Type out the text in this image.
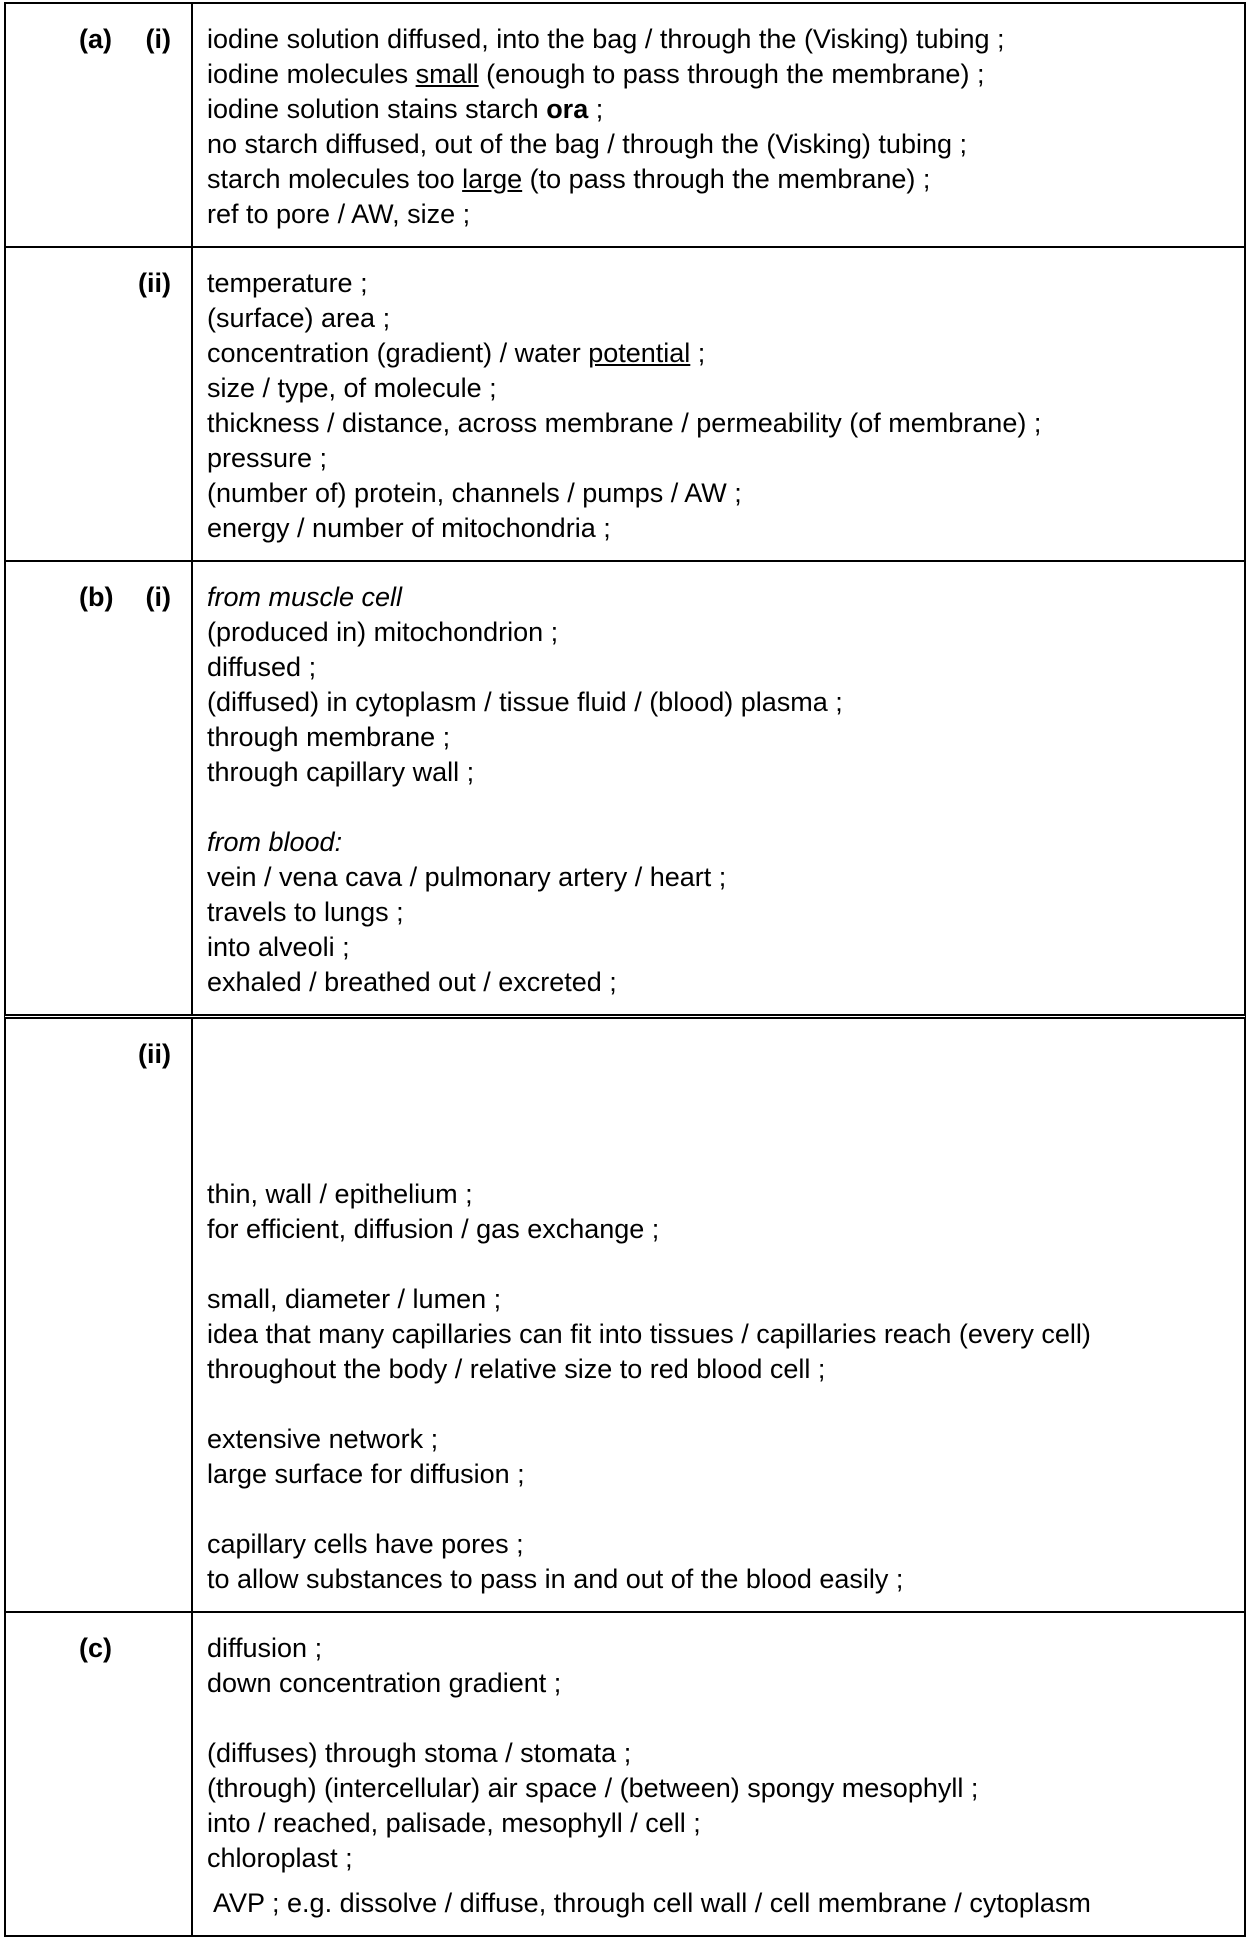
(a) (i) iodine solution diffused, into the bag / through the (Visking) tubing ;
iodine molecules small (enough to pass through the membrane) ;
iodine solution stains starch ora ;
no starch diffused, out of the bag / through the (Visking) tubing ;
starch molecules too large (to pass through the membrane) ;
ref to pore / AW, size ;
(ii) temperature ;
(surface) area ;
concentration (gradient) / water potential ;
size / type, of molecule ;
thickness / distance, across membrane / permeability (of membrane) ;
pressure ;
(number of) protein, channels / pumps / AW ;
energy / number of mitochondria ;
(b) (i) from muscle cell
(produced in) mitochondrion ;
diffused ;
(diffused) in cytoplasm / tissue fluid / (blood) plasma ;
through membrane ;
through capillary wall ;
from blood:
vein / vena cava / pulmonary artery / heart ;
travels to lungs ;
into alveoli ;
exhaled / breathed out / excreted ;
(ii)
thin, wall / epithelium ;
for efficient, diffusion / gas exchange ;
small, diameter / lumen ;
idea that many capillaries can fit into tissues / capillaries reach (every cell)
throughout the body / relative size to red blood cell ;
extensive network ;
large surface for diffusion ;
capillary cells have pores ;
to allow substances to pass in and out of the blood easily ;
(c)	diffusion ;
down concentration gradient ;
(diffuses) through stoma / stomata ;
(through) (intercellular) air space / (between) spongy mesophyll ;
into / reached, palisade, mesophyll / cell ;
chloroplast ;
AVP ; e.g. dissolve / diffuse, through cell wall / cell membrane / cytoplasm
